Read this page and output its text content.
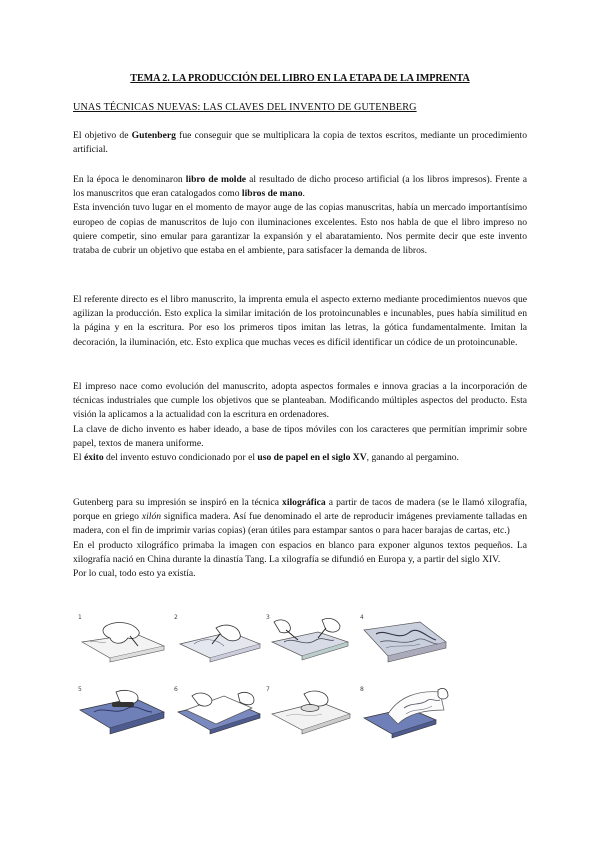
TEMA 2. LA PRODUCCIÓN DEL LIBRO EN LA ETAPA DE LA IMPRENTA
UNAS TÉCNICAS NUEVAS: LAS CLAVES DEL INVENTO DE GUTENBERG

El objetivo de Gutenberg fue conseguir que se multiplicara la copia de textos escritos, mediante un procedimiento artificial.

En la época le denominaron libro de molde al resultado de dicho proceso artificial (a los libros impresos). Frente a los manuscritos que eran catalogados como libros de mano.

Esta invención tuvo lugar en el momento de mayor auge de las copias manuscritas, había un mercado importantísimo europeo de copias de manuscritos de lujo con iluminaciones excelentes. Esto nos habla de que el libro impreso no quiere competir, sino emular para garantizar la expansión y el abaratamiento. Nos permite decir que este invento trataba de cubrir un objetivo que estaba en el ambiente, para satisfacer la demanda de libros.

El referente directo es el libro manuscrito, la imprenta emula el aspecto externo mediante procedimientos nuevos que agilizan la producción. Esto explica la similar imitación de los protoincunables e incunables, pues había similitud en la página y en la escritura. Por eso los primeros tipos imitan las letras, la gótica fundamentalmente. Imitan la decoración, la iluminación, etc. Esto explica que muchas veces es difícil identificar un códice de un protoincunable.

El impreso nace como evolución del manuscrito, adopta aspectos formales e innova gracias a la incorporación de técnicas industriales que cumple los objetivos que se planteaban. Modificando múltiples aspectos del producto. Esta visión la aplicamos a la actualidad con la escritura en ordenadores.

La clave de dicho invento es haber ideado, a base de tipos móviles con los caracteres que permitían imprimir sobre papel, textos de manera uniforme.

El éxito del invento estuvo condicionado por el uso de papel en el siglo XV, ganando al pergamino.

Gutenberg para su impresión se inspiró en la técnica xilográfica a partir de tacos de madera (se le llamó xilografía, porque en griego xilón significa madera. Así fue denominado el arte de reproducir imágenes previamente talladas en madera, con el fin de imprimir varias copias) (eran útiles para estampar santos o para hacer barajas de cartas, etc.)

En el producto xilográfico primaba la imagen con espacios en blanco para exponer algunos textos pequeños. La xilografía nació en China durante la dinastía Tang. La xilografía se difundió en Europa y, a partir del siglo XIV.

Por lo cual, todo esto ya existía.

1	2	3	4
5	6	7	8
